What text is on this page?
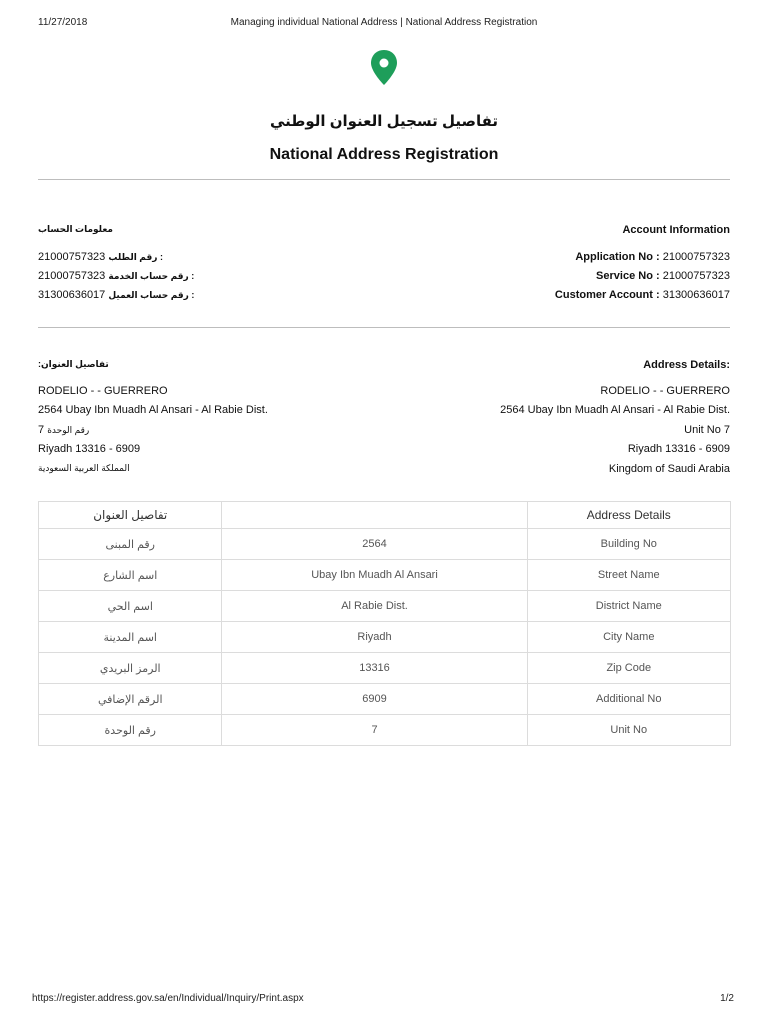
11/27/2018	Managing individual National Address | National Address Registration
تفاصيل تسجيل العنوان الوطني
National Address Registration
معلومات الحساب
21000757323 رقم الطلب :
21000757323 رقم حساب الخدمة :
31300636017 رقم حساب العميل :
Account Information
Application No : 21000757323
Service No : 21000757323
Customer Account : 31300636017
:تفاصيل العنوان
RODELIO - - GUERRERO
2564 Ubay Ibn Muadh Al Ansari - Al Rabie Dist.
رقم الوحدة 7
Riyadh 13316 - 6909
المملكة العربية السعودية
Address Details:
RODELIO - - GUERRERO
2564 Ubay Ibn Muadh Al Ansari - Al Rabie Dist.
Unit No 7
Riyadh 13316 - 6909
Kingdom of Saudi Arabia
تفاصيل العنوان		Address Details
رقم المبنى	2564	Building No
اسم الشارع	Ubay Ibn Muadh Al Ansari	Street Name
اسم الحي	Al Rabie Dist.	District Name
اسم المدينة	Riyadh	City Name
الرمز البريدي	13316	Zip Code
الرقم الإضافي	6909	Additional No
رقم الوحدة	7	Unit No
https://register.address.gov.sa/en/Individual/Inquiry/Print.aspx	1/2
